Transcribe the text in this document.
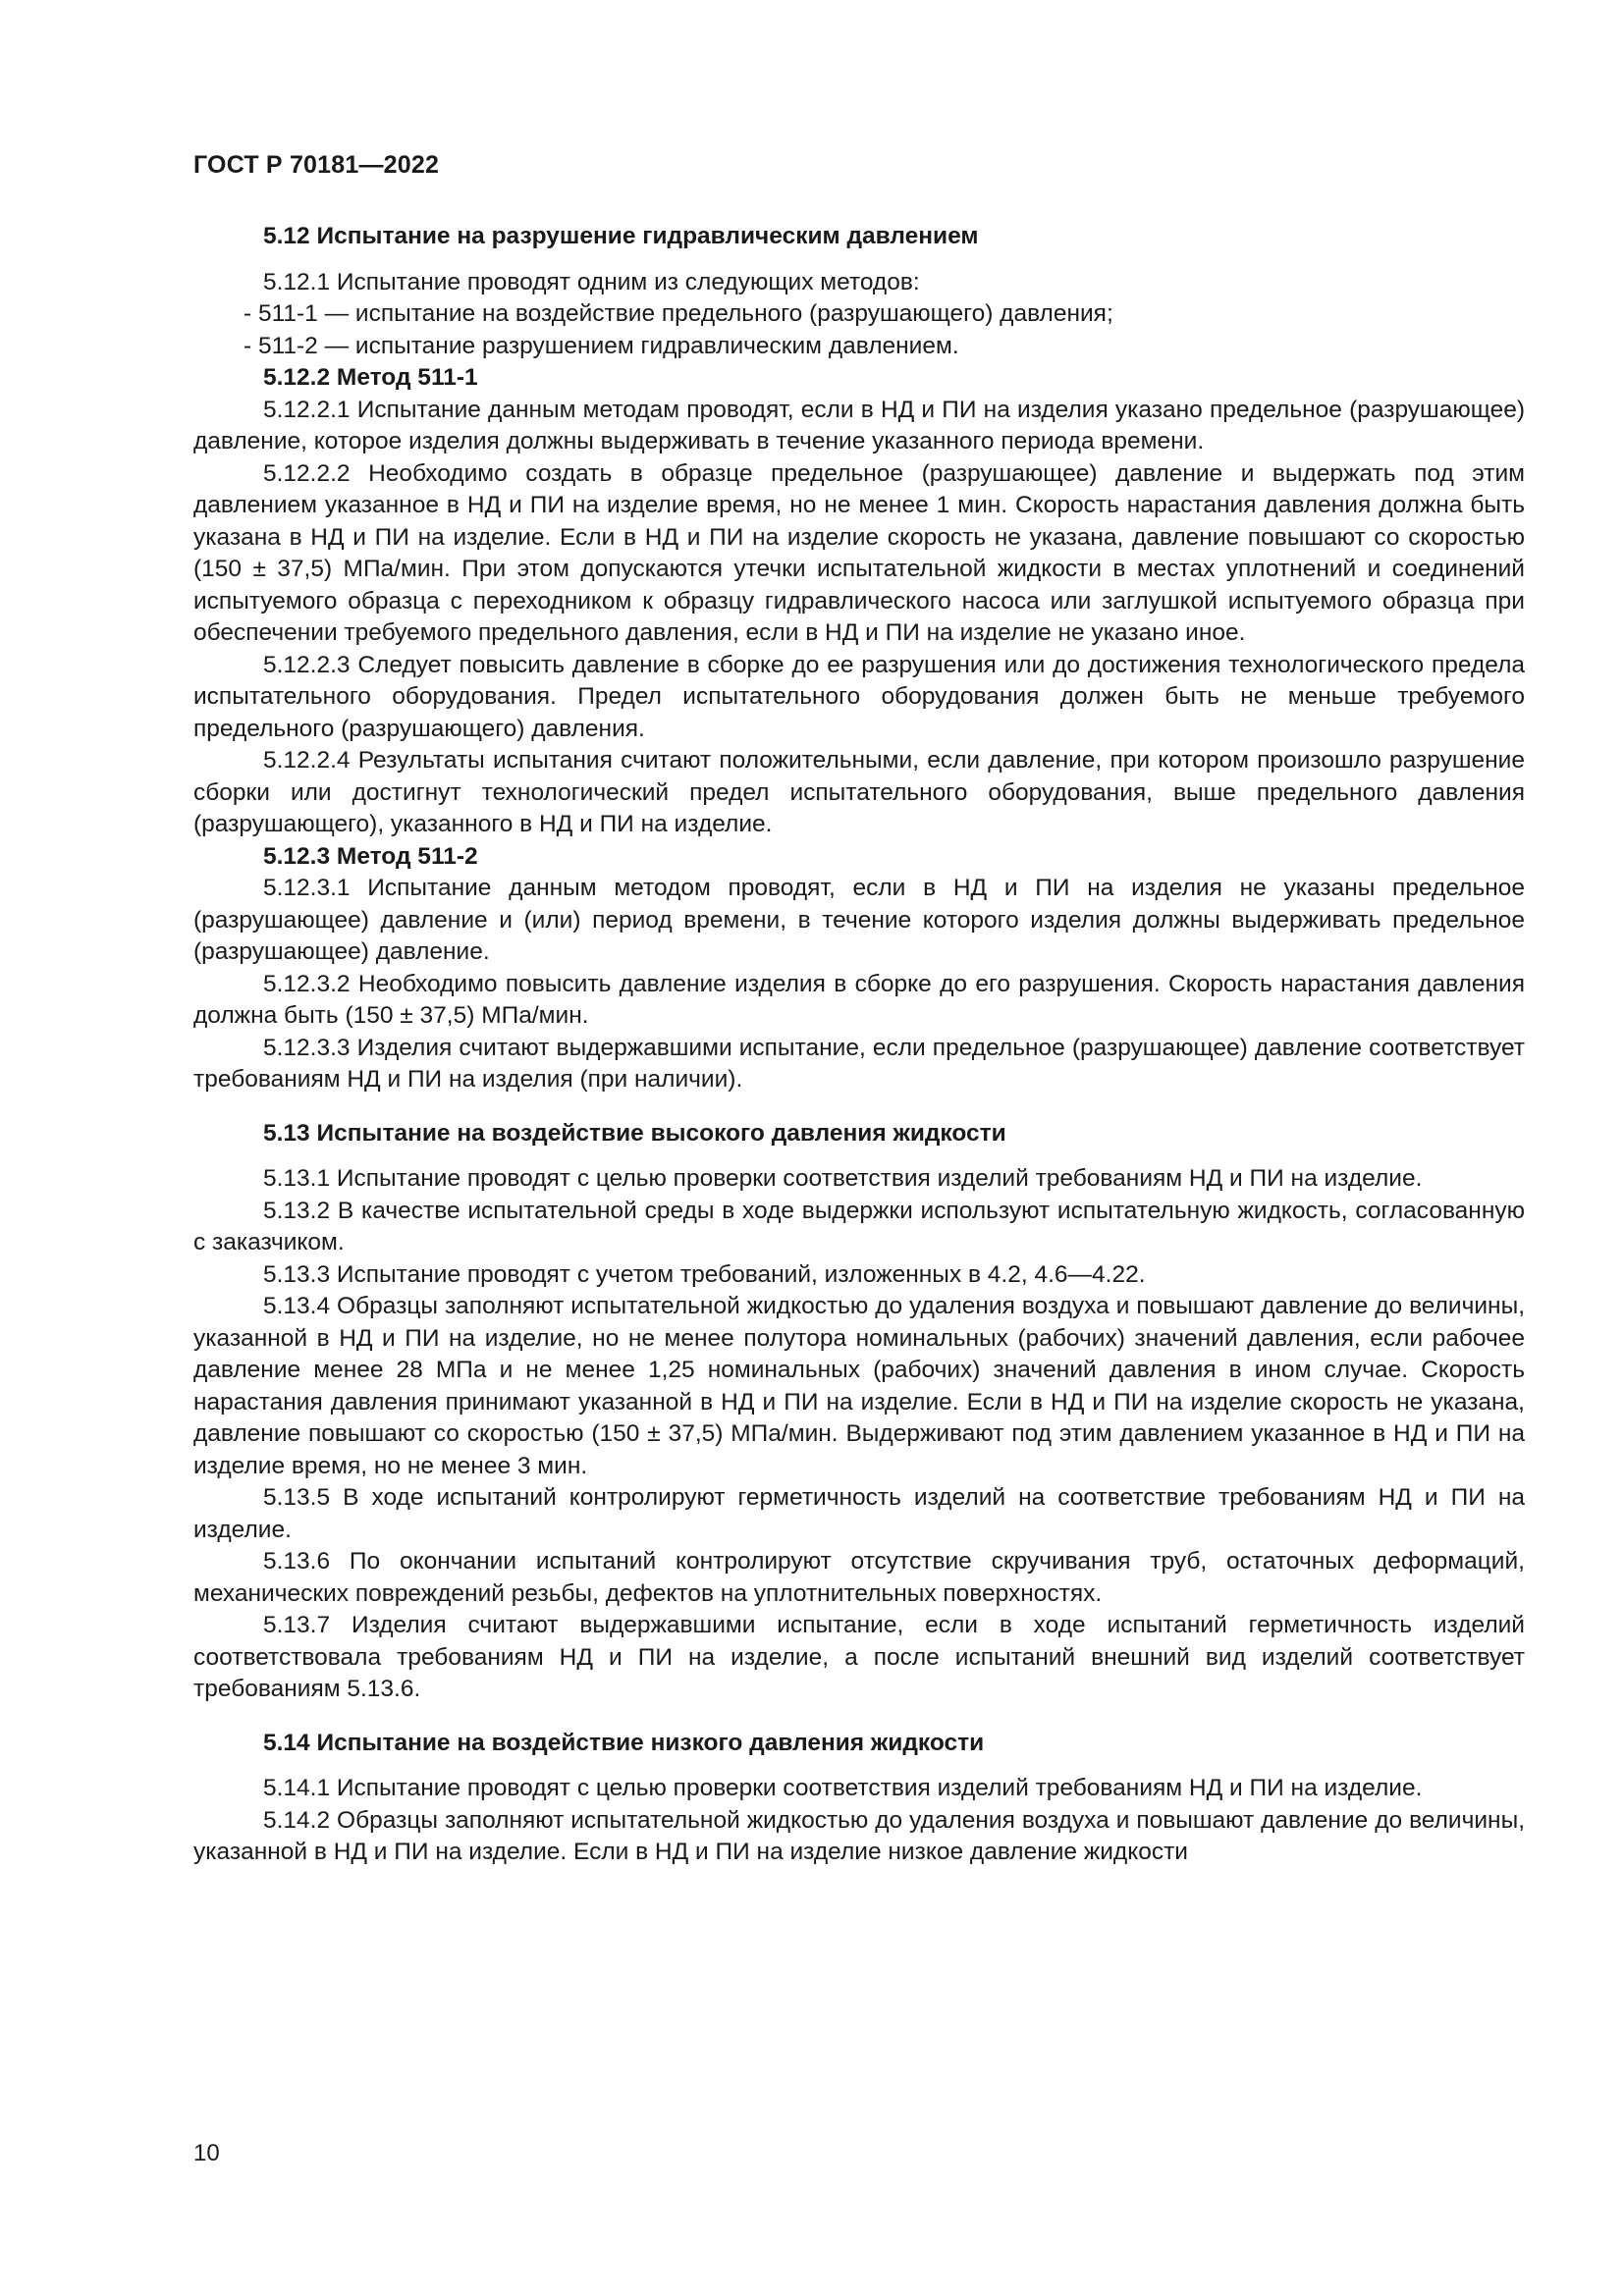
ГОСТ Р 70181—2022

5.12 Испытание на разрушение гидравлическим давлением

5.12.1 Испытание проводят одним из следующих методов:

- 511-1 — испытание на воздействие предельного (разрушающего) давления;

- 511-2 — испытание разрушением гидравлическим давлением.

5.12.2 Метод 511-1

5.12.2.1 Испытание данным методам проводят, если в НД и ПИ на изделия указано предельное (разрушающее) давление, которое изделия должны выдерживать в течение указанного периода времени.

5.12.2.2 Необходимо создать в образце предельное (разрушающее) давление и выдержать под этим давлением указанное в НД и ПИ на изделие время, но не менее 1 мин. Скорость нарастания давления должна быть указана в НД и ПИ на изделие. Если в НД и ПИ на изделие скорость не указана, давление повышают со скоростью (150 ± 37,5) МПа/мин. При этом допускаются утечки испытательной жидкости в местах уплотнений и соединений испытуемого образца с переходником к образцу гидравлического насоса или заглушкой испытуемого образца при обеспечении требуемого предельного давления, если в НД и ПИ на изделие не указано иное.

5.12.2.3 Следует повысить давление в сборке до ее разрушения или до достижения технологического предела испытательного оборудования. Предел испытательного оборудования должен быть не меньше требуемого предельного (разрушающего) давления.

5.12.2.4 Результаты испытания считают положительными, если давление, при котором произошло разрушение сборки или достигнут технологический предел испытательного оборудования, выше предельного давления (разрушающего), указанного в НД и ПИ на изделие.

5.12.3 Метод 511-2

5.12.3.1 Испытание данным методом проводят, если в НД и ПИ на изделия не указаны предельное (разрушающее) давление и (или) период времени, в течение которого изделия должны выдерживать предельное (разрушающее) давление.

5.12.3.2 Необходимо повысить давление изделия в сборке до его разрушения. Скорость нарастания давления должна быть (150 ± 37,5) МПа/мин.

5.12.3.3 Изделия считают выдержавшими испытание, если предельное (разрушающее) давление соответствует требованиям НД и ПИ на изделия (при наличии).

5.13 Испытание на воздействие высокого давления жидкости

5.13.1 Испытание проводят с целью проверки соответствия изделий требованиям НД и ПИ на изделие.

5.13.2 В качестве испытательной среды в ходе выдержки используют испытательную жидкость, согласованную с заказчиком.

5.13.3 Испытание проводят с учетом требований, изложенных в 4.2, 4.6—4.22.

5.13.4 Образцы заполняют испытательной жидкостью до удаления воздуха и повышают давление до величины, указанной в НД и ПИ на изделие, но не менее полутора номинальных (рабочих) значений давления, если рабочее давление менее 28 МПа и не менее 1,25 номинальных (рабочих) значений давления в ином случае. Скорость нарастания давления принимают указанной в НД и ПИ на изделие. Если в НД и ПИ на изделие скорость не указана, давление повышают со скоростью (150 ± 37,5) МПа/мин. Выдерживают под этим давлением указанное в НД и ПИ на изделие время, но не менее 3 мин.

5.13.5 В ходе испытаний контролируют герметичность изделий на соответствие требованиям НД и ПИ на изделие.

5.13.6 По окончании испытаний контролируют отсутствие скручивания труб, остаточных деформаций, механических повреждений резьбы, дефектов на уплотнительных поверхностях.

5.13.7 Изделия считают выдержавшими испытание, если в ходе испытаний герметичность изделий соответствовала требованиям НД и ПИ на изделие, а после испытаний внешний вид изделий соответствует требованиям 5.13.6.

5.14 Испытание на воздействие низкого давления жидкости

5.14.1 Испытание проводят с целью проверки соответствия изделий требованиям НД и ПИ на изделие.

5.14.2 Образцы заполняют испытательной жидкостью до удаления воздуха и повышают давление до величины, указанной в НД и ПИ на изделие. Если в НД и ПИ на изделие низкое давление жидкости

10
